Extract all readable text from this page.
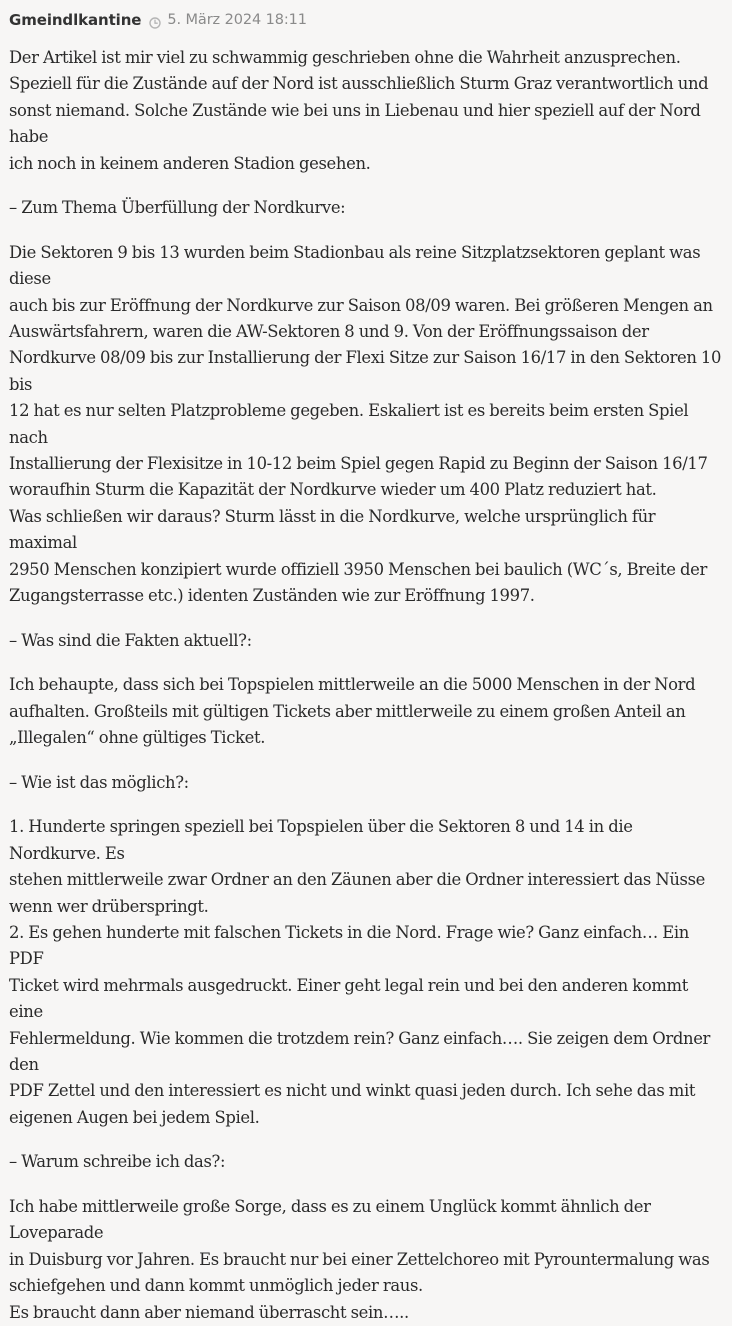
Gmeindlkantine 5. März 2024 18:11

Der Artikel ist mir viel zu schwammig geschrieben ohne die Wahrheit anzusprechen.
Speziell für die Zustände auf der Nord ist ausschließlich Sturm Graz verantwortlich und
sonst niemand. Solche Zustände wie bei uns in Liebenau und hier speziell auf der Nord habe
ich noch in keinem anderen Stadion gesehen.

– Zum Thema Überfüllung der Nordkurve:

Die Sektoren 9 bis 13 wurden beim Stadionbau als reine Sitzplatzsektoren geplant was diese
auch bis zur Eröffnung der Nordkurve zur Saison 08/09 waren. Bei größeren Mengen an
Auswärtsfahrern, waren die AW-Sektoren 8 und 9. Von der Eröffnungssaison der
Nordkurve 08/09 bis zur Installierung der Flexi Sitze zur Saison 16/17 in den Sektoren 10 bis
12 hat es nur selten Platzprobleme gegeben. Eskaliert ist es bereits beim ersten Spiel nach
Installierung der Flexisitze in 10-12 beim Spiel gegen Rapid zu Beginn der Saison 16/17
woraufhin Sturm die Kapazität der Nordkurve wieder um 400 Platz reduziert hat.
Was schließen wir daraus? Sturm lässt in die Nordkurve, welche ursprünglich für maximal
2950 Menschen konzipiert wurde offiziell 3950 Menschen bei baulich (WC´s, Breite der
Zugangsterrasse etc.) identen Zuständen wie zur Eröffnung 1997.

– Was sind die Fakten aktuell?:

Ich behaupte, dass sich bei Topspielen mittlerweile an die 5000 Menschen in der Nord
aufhalten. Großteils mit gültigen Tickets aber mittlerweile zu einem großen Anteil an
„Illegalen“ ohne gültiges Ticket.

– Wie ist das möglich?:

1. Hunderte springen speziell bei Topspielen über die Sektoren 8 und 14 in die Nordkurve. Es
stehen mittlerweile zwar Ordner an den Zäunen aber die Ordner interessiert das Nüsse
wenn wer drüberspringt.
2. Es gehen hunderte mit falschen Tickets in die Nord. Frage wie? Ganz einfach… Ein PDF
Ticket wird mehrmals ausgedruckt. Einer geht legal rein und bei den anderen kommt eine
Fehlermeldung. Wie kommen die trotzdem rein? Ganz einfach…. Sie zeigen dem Ordner den
PDF Zettel und den interessiert es nicht und winkt quasi jeden durch. Ich sehe das mit
eigenen Augen bei jedem Spiel.

– Warum schreibe ich das?:

Ich habe mittlerweile große Sorge, dass es zu einem Unglück kommt ähnlich der Loveparade
in Duisburg vor Jahren. Es braucht nur bei einer Zettelchoreo mit Pyrountermalung was
schiefgehen und dann kommt unmöglich jeder raus.
Es braucht dann aber niemand überrascht sein…..
